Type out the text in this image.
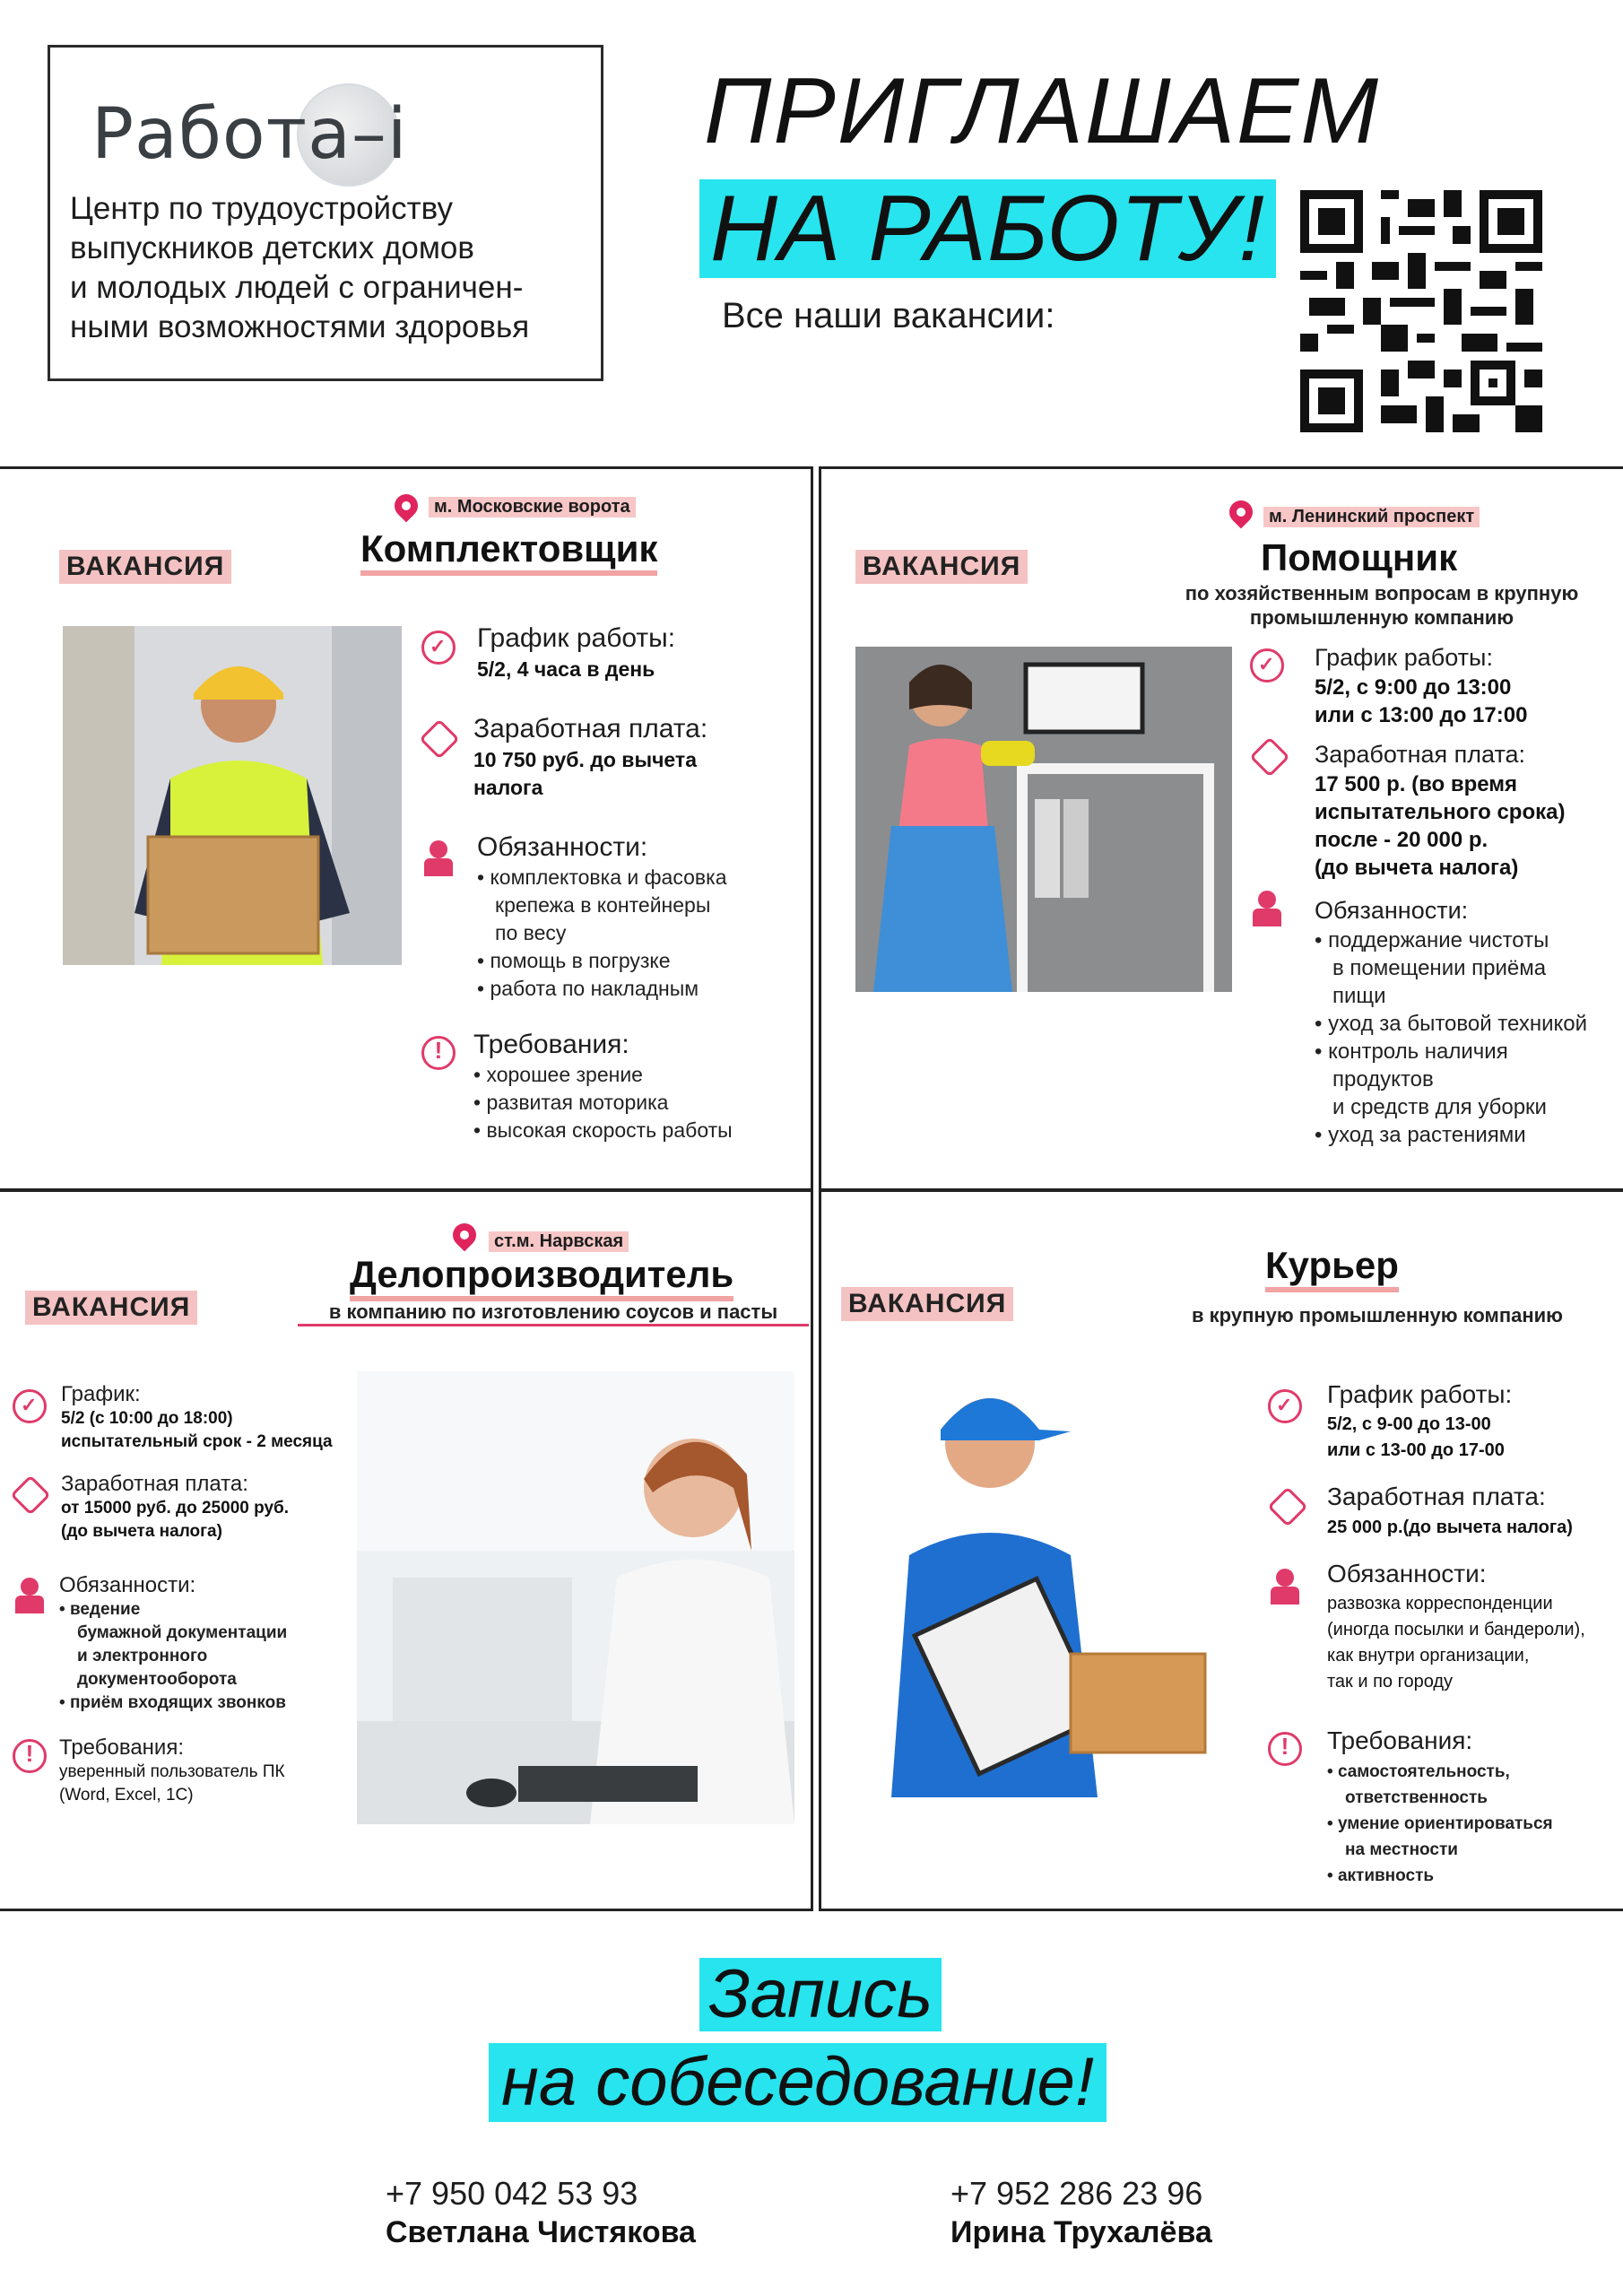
Работа–i
Центр по трудоустройству
выпускников детских домов
и молодых людей с ограничен-
ными возможностями здоровья
ПРИГЛАШАЕМ
НА РАБОТУ!
Все наши вакансии:
м. Московские ворота
Комплектовщик
ВАКАНСИЯ
✓
График работы:
5/2, 4 часа в день
Заработная плата:
10 750 руб. до вычета
налога
Обязанности:
• комплектовка и фасовка
крепежа в контейнеры
по весу
• помощь в погрузке
• работа по накладным
!
Требования:
• хорошее зрение
• развитая моторика
• высокая скорость работы
м. Ленинский проспект
Помощник
ВАКАНСИЯ
по хозяйственным вопросам в крупную
промышленную компанию
✓
График работы:
5/2, с 9:00 до 13:00
или с 13:00 до 17:00
Заработная плата:
17 500 р. (во время
испытательного срока)
после - 20 000 р.
(до вычета налога)
Обязанности:
• поддержание чистоты
в помещении приёма
пищи
• уход за бытовой техникой
• контроль наличия
продуктов
и средств для уборки
• уход за растениями
ст.м. Нарвская
Делопроизводитель
в компанию по изготовлению соусов и пасты
ВАКАНСИЯ
✓
График:
5/2 (с 10:00 до 18:00)
испытательный срок - 2 месяца
Заработная плата:
от 15000 руб. до 25000 руб.
(до вычета налога)
Обязанности:
• ведение
бумажной документации
и электронного
документооборота
• приём входящих звонков
!
Требования:
уверенный пользователь ПК
(Word, Excel, 1C)
Курьер
в крупную промышленную компанию
ВАКАНСИЯ
✓
График работы:
5/2, с 9-00 до 13-00
или с 13-00 до 17-00
Заработная плата:
25 000 р.(до вычета налога)
Обязанности:
развозка корреспонденции
(иногда посылки и бандероли),
как внутри организации,
так и по городу
!
Требования:
• самостоятельность,
ответственность
• умение ориентироваться
на местности
• активность
Запись
на собеседование!
+7 950 042 53 93
Светлана Чистякова
+7 952 286 23 96
Ирина Трухалёва
